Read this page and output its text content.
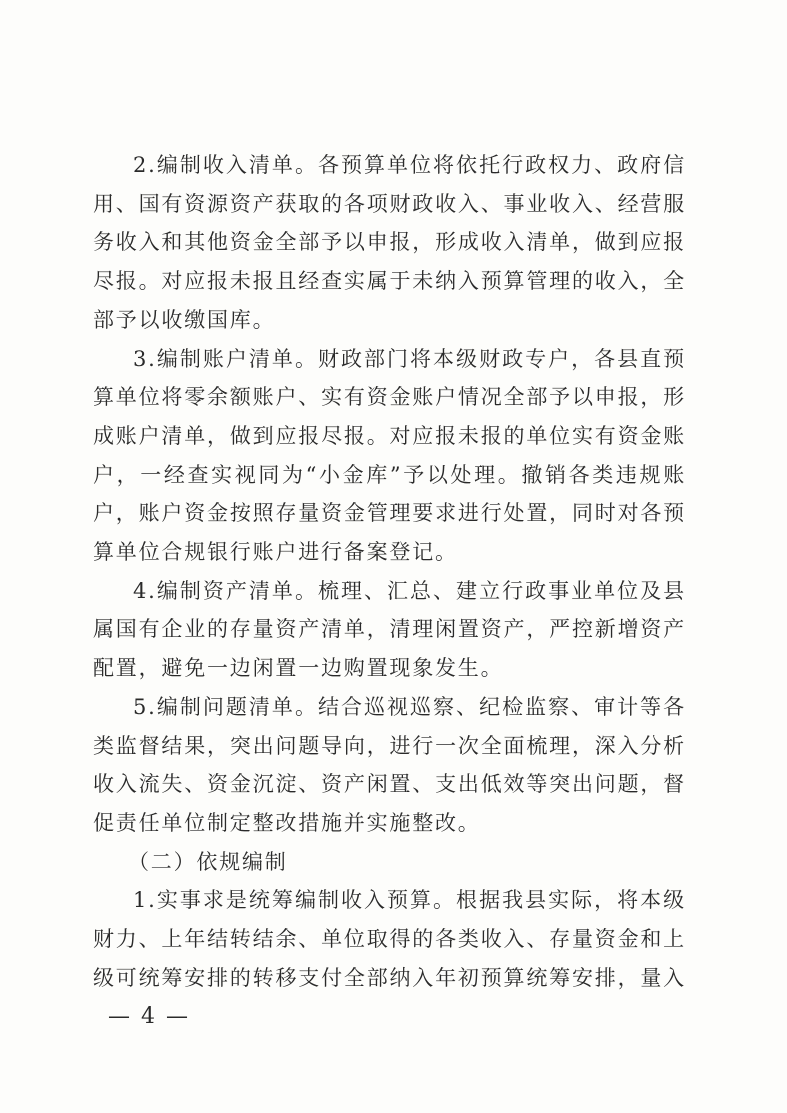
2.编制收入清单。各预算单位将依托行政权力、政府信
用、国有资源资产获取的各项财政收入、事业收入、经营服
务收入和其他资金全部予以申报，形成收入清单，做到应报
尽报。对应报未报且经查实属于未纳入预算管理的收入，全
部予以收缴国库。
3.编制账户清单。财政部门将本级财政专户，各县直预
算单位将零余额账户、实有资金账户情况全部予以申报，形
成账户清单，做到应报尽报。对应报未报的单位实有资金账
户，一经查实视同为“小金库”予以处理。撤销各类违规账
户，账户资金按照存量资金管理要求进行处置，同时对各预
算单位合规银行账户进行备案登记。
4.编制资产清单。梳理、汇总、建立行政事业单位及县
属国有企业的存量资产清单，清理闲置资产，严控新增资产
配置，避免一边闲置一边购置现象发生。
5.编制问题清单。结合巡视巡察、纪检监察、审计等各
类监督结果，突出问题导向，进行一次全面梳理，深入分析
收入流失、资金沉淀、资产闲置、支出低效等突出问题，督
促责任单位制定整改措施并实施整改。
（二）依规编制
1.实事求是统筹编制收入预算。根据我县实际，将本级
财力、上年结转结余、单位取得的各类收入、存量资金和上
级可统筹安排的转移支付全部纳入年初预算统筹安排，量入
— 4 —
